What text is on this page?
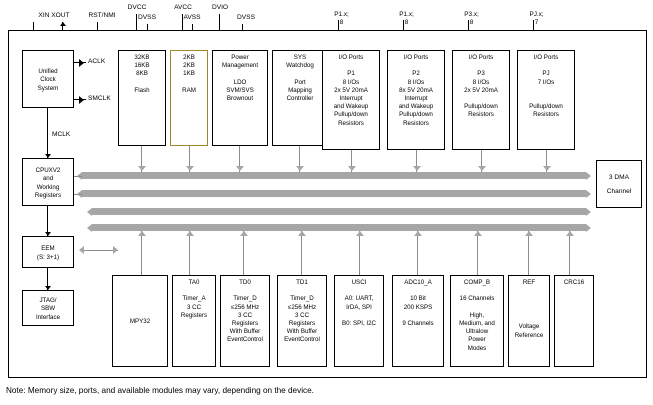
XIN XOUT	RST/NMI
DVCC
DVSS
AVCC
AVSS
DVIO
DVSS	P1.x;
8

P1.x;
8

P3.x;
8

PJ.x;
7

Unified
Clock
System
ACLK
SMCLK
MCLK
CPUXV2
and
Working
Registers
EEM
(S: 3+1)
JTAG/
SBW
Interface
32KB
16KB
8KB

Flash
2KB
2KB
1KB

RAM
Power
Management

LDO
SVM/SVS
Brownout
SYS
Watchdog

Port
Mapping
Controller
I/O Ports

P1
8 I/Os
2x 5V 20mA
Interrupt
and Wakeup
Pullup/down
Resistors
I/O Ports

P2
8 I/Os
8x 5V 20mA
Interrupt
and Wakeup
Pullup/down
Resistors
I/O Ports

P3
8 I/Os
2x 5V 20mA

Pullup/down
Resistors
I/O Ports

PJ
7 I/Os

Pullup/down
Resistors
3 DMA

Channel
MPY32
TA0

Timer_A
3 CC
Registers
TD0

Timer_D
≤256 MHz
3 CC
Registers
With Buffer
EventControl
TD1

Timer_D
≤256 MHz
3 CC
Registers
With Buffer
EventControl
USCI

A0: UART,
IrDA, SPI

B0: SPI, I2C
ADC10_A

10 Bit
200 KSPS

9 Channels
COMP_B

16 Channels

High,
Medium, and
Ultralow
Power
Modes
REF

Voltage
Reference
CRC16
Note: Memory size, ports, and available modules may vary, depending on the device.
